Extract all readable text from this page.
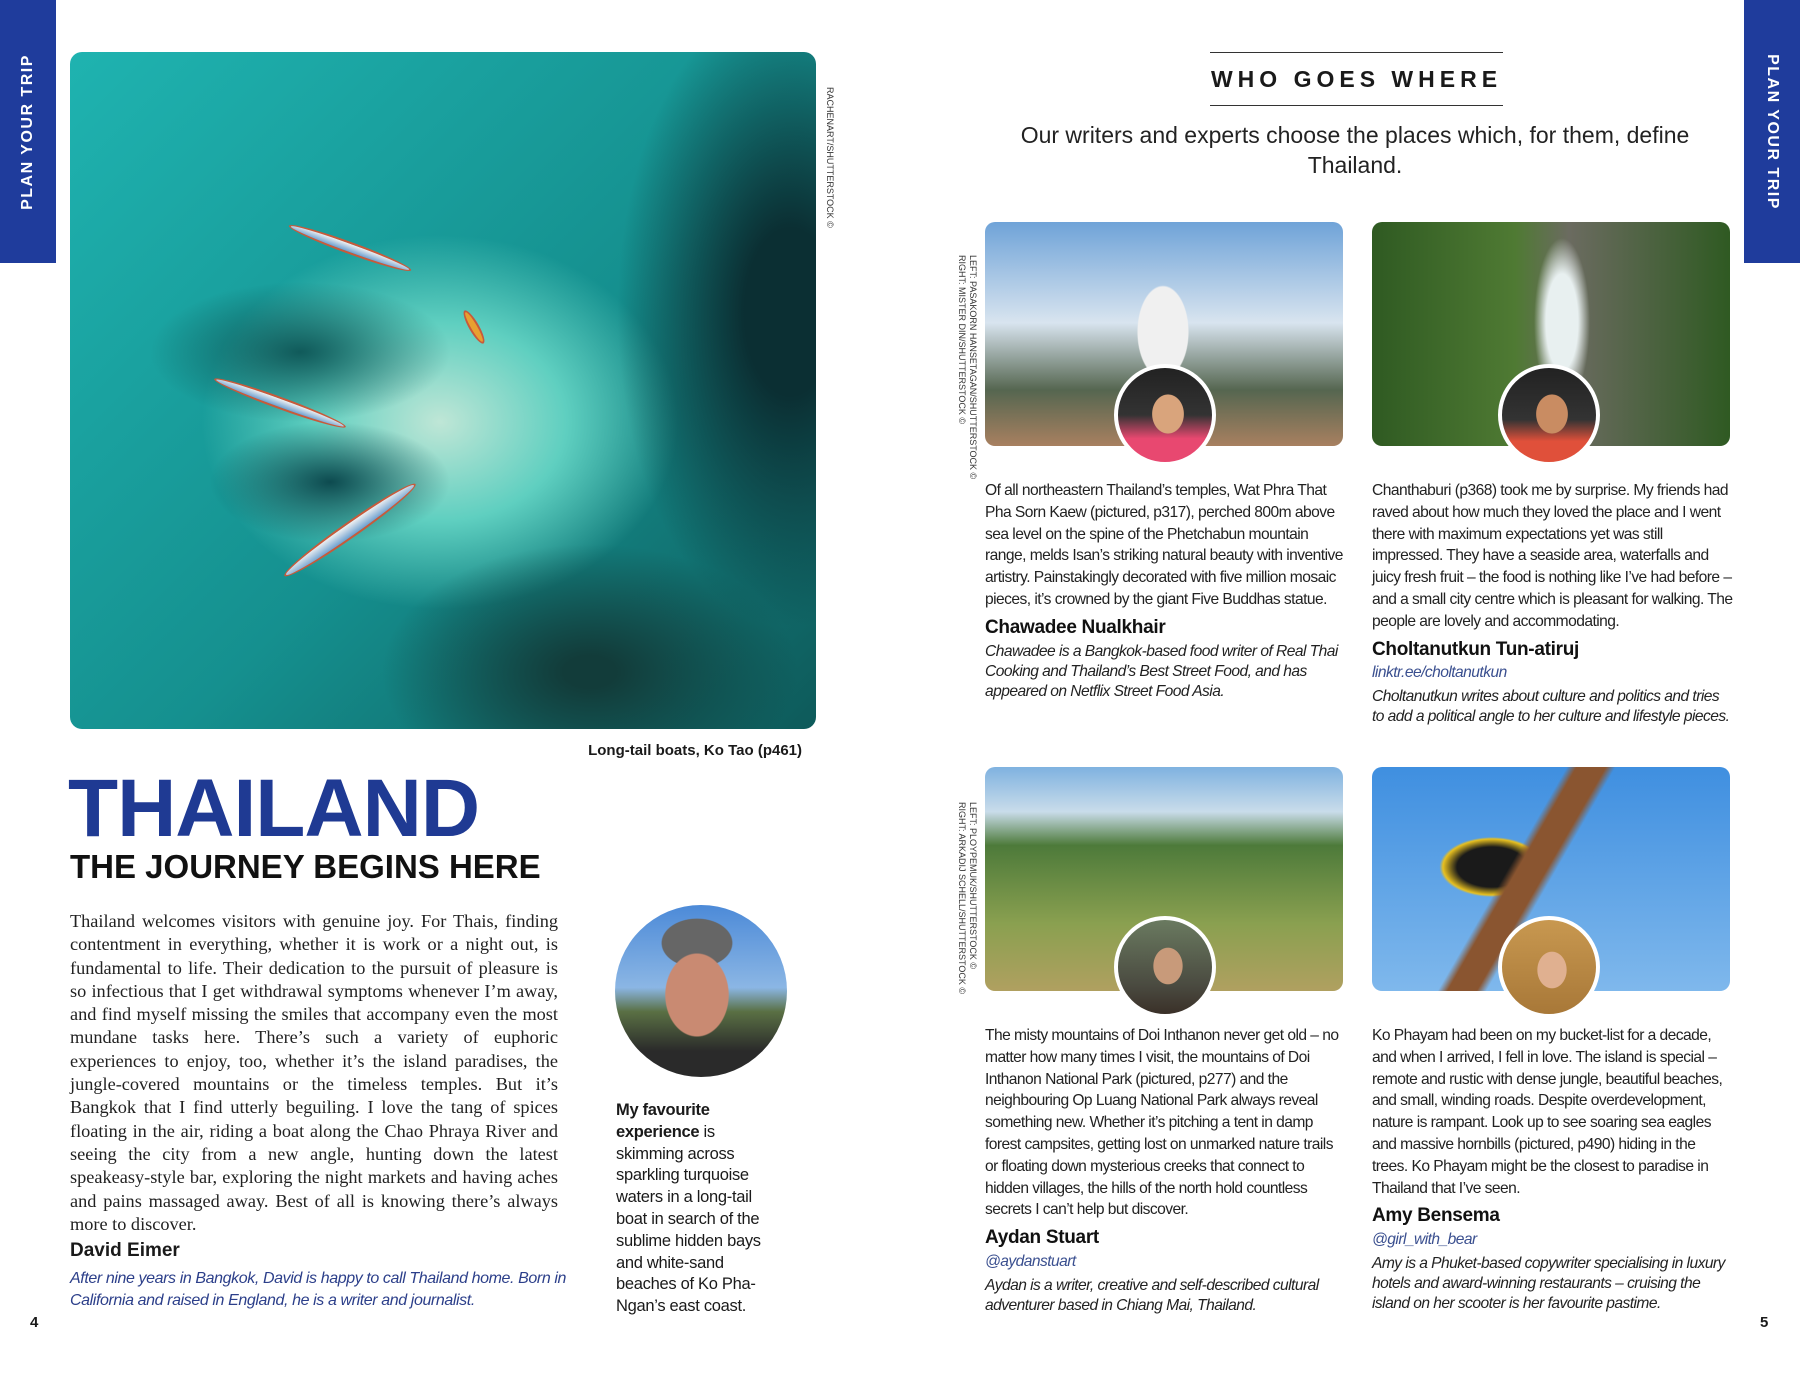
PLAN YOUR TRIP	PLAN YOUR TRIP
RACHENART/SHUTTERSTOCK ©
Long-tail boats, Ko Tao (p461)
THAILAND
THE JOURNEY BEGINS HERE
Thailand welcomes visitors with genuine joy. For Thais, finding contentment in everything, whether it is work or a night out, is fundamental to life. Their dedication to the pursuit of pleasure is so infectious that I get withdrawal symptoms whenever I’m away, and find myself missing the smiles that accompany even the most mundane tasks here. There’s such a variety of euphoric experiences to enjoy, too, whether it’s the island paradises, the jungle-covered mountains or the timeless temples. But it’s Bangkok that I find utterly beguiling. I love the tang of spices floating in the air, riding a boat along the Chao Phraya River and seeing the city from a new angle, hunting down the latest speakeasy-style bar, exploring the night markets and having aches and pains massaged away. Best of all is knowing there’s always more to discover.
David Eimer
After nine years in Bangkok, David is happy to call Thailand home. Born in California and raised in England, he is a writer and journalist.
My favourite experience is skimming across sparkling turquoise waters in a long-tail boat in search of the sublime hidden bays and white-sand beaches of Ko Pha-Ngan’s east coast.
4
WHO GOES WHERE
Our writers and experts choose the places which, for them, define Thailand.
LEFT: PASAKORN HANSETAGAN/SHUTTERSTOCK ©
RIGHT: MISTER DIN/SHUTTERSTOCK ©
LEFT: PLOYPEMUK/SHUTTERSTOCK ©
RIGHT: ARKADIJ SCHELL/SHUTTERSTOCK ©
Of all northeastern Thailand’s temples, Wat Phra That Pha Sorn Kaew (pictured, p317), perched 800m above sea level on the spine of the Phetchabun mountain range, melds Isan’s striking natural beauty with inventive artistry. Painstakingly decorated with five million mosaic pieces, it’s crowned by the giant Five Buddhas statue.
Chawadee Nualkhair
Chawadee is a Bangkok-based food writer of Real Thai Cooking and Thailand’s Best Street Food, and has appeared on Netflix Street Food Asia.
Chanthaburi (p368) took me by surprise. My friends had raved about how much they loved the place and I went there with maximum expectations yet was still impressed. They have a seaside area, waterfalls and juicy fresh fruit – the food is nothing like I’ve had before – and a small city centre which is pleasant for walking. The people are lovely and accommodating.
Choltanutkun Tun-atiruj
linktr.ee/choltanutkun
Choltanutkun writes about culture and politics and tries to add a political angle to her culture and lifestyle pieces.
The misty mountains of Doi Inthanon never get old – no matter how many times I visit, the mountains of Doi Inthanon National Park (pictured, p277) and the neighbouring Op Luang National Park always reveal something new. Whether it’s pitching a tent in damp forest campsites, getting lost on unmarked nature trails or floating down mysterious creeks that connect to hidden villages, the hills of the north hold countless secrets I can’t help but discover.
Aydan Stuart
@aydanstuart
Aydan is a writer, creative and self-described cultural adventurer based in Chiang Mai, Thailand.
Ko Phayam had been on my bucket-list for a decade, and when I arrived, I fell in love. The island is special – remote and rustic with dense jungle, beautiful beaches, and small, winding roads. Despite overdevelopment, nature is rampant. Look up to see soaring sea eagles and massive hornbills (pictured, p490) hiding in the trees. Ko Phayam might be the closest to paradise in Thailand that I’ve seen.
Amy Bensema
@girl_with_bear
Amy is a Phuket-based copywriter specialising in luxury hotels and award-winning restaurants – cruising the island on her scooter is her favourite pastime.
5
